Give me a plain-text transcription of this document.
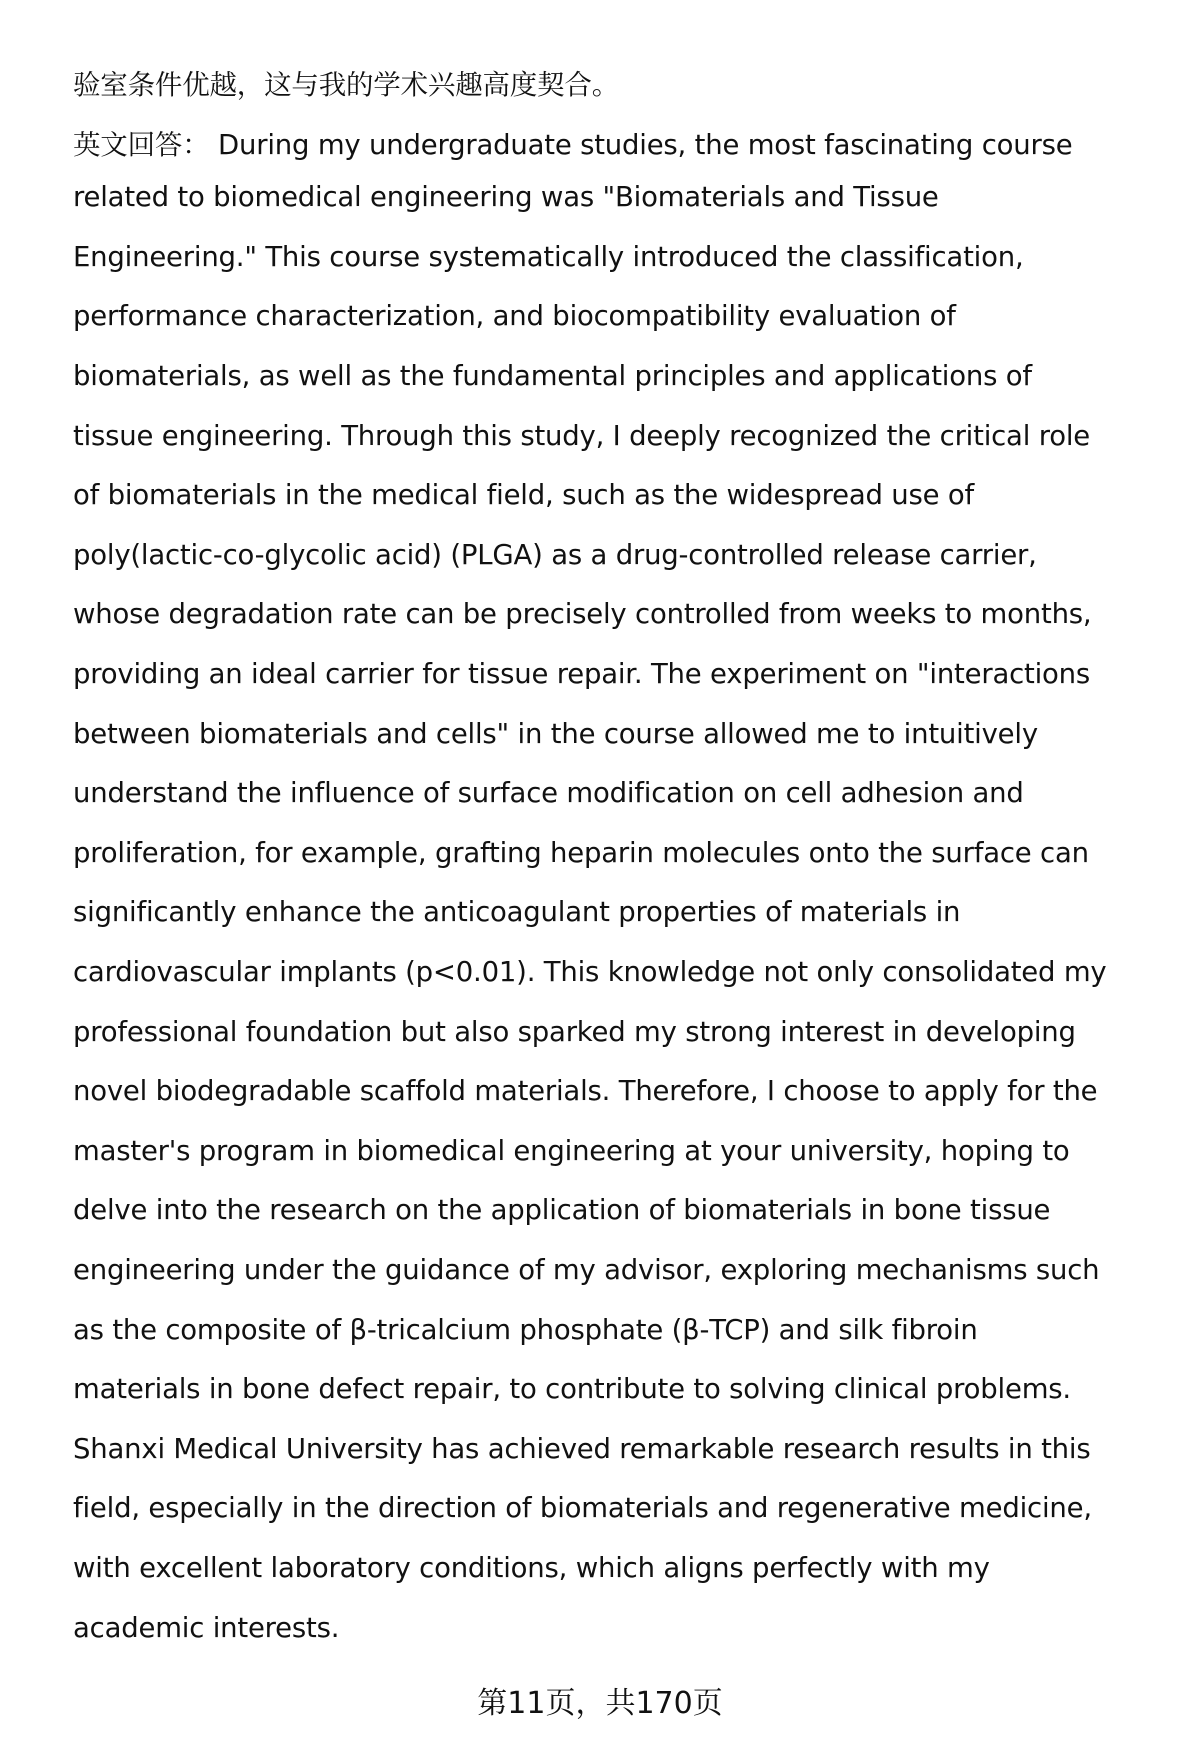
验室条件优越，这与我的学术兴趣高度契合。
英文回答： During my undergraduate studies, the most fascinating course
related to biomedical engineering was "Biomaterials and Tissue
Engineering." This course systematically introduced the classification,
performance characterization, and biocompatibility evaluation of
biomaterials, as well as the fundamental principles and applications of
tissue engineering. Through this study, I deeply recognized the critical role
of biomaterials in the medical field, such as the widespread use of
poly(lactic-co-glycolic acid) (PLGA) as a drug-controlled release carrier,
whose degradation rate can be precisely controlled from weeks to months,
providing an ideal carrier for tissue repair. The experiment on "interactions
between biomaterials and cells" in the course allowed me to intuitively
understand the influence of surface modification on cell adhesion and
proliferation, for example, grafting heparin molecules onto the surface can
significantly enhance the anticoagulant properties of materials in
cardiovascular implants (p<0.01). This knowledge not only consolidated my
professional foundation but also sparked my strong interest in developing
novel biodegradable scaffold materials. Therefore, I choose to apply for the
master's program in biomedical engineering at your university, hoping to
delve into the research on the application of biomaterials in bone tissue
engineering under the guidance of my advisor, exploring mechanisms such
as the composite of β-tricalcium phosphate (β-TCP) and silk fibroin
materials in bone defect repair, to contribute to solving clinical problems.
Shanxi Medical University has achieved remarkable research results in this
field, especially in the direction of biomaterials and regenerative medicine,
with excellent laboratory conditions, which aligns perfectly with my
academic interests.
第11页，共170页
